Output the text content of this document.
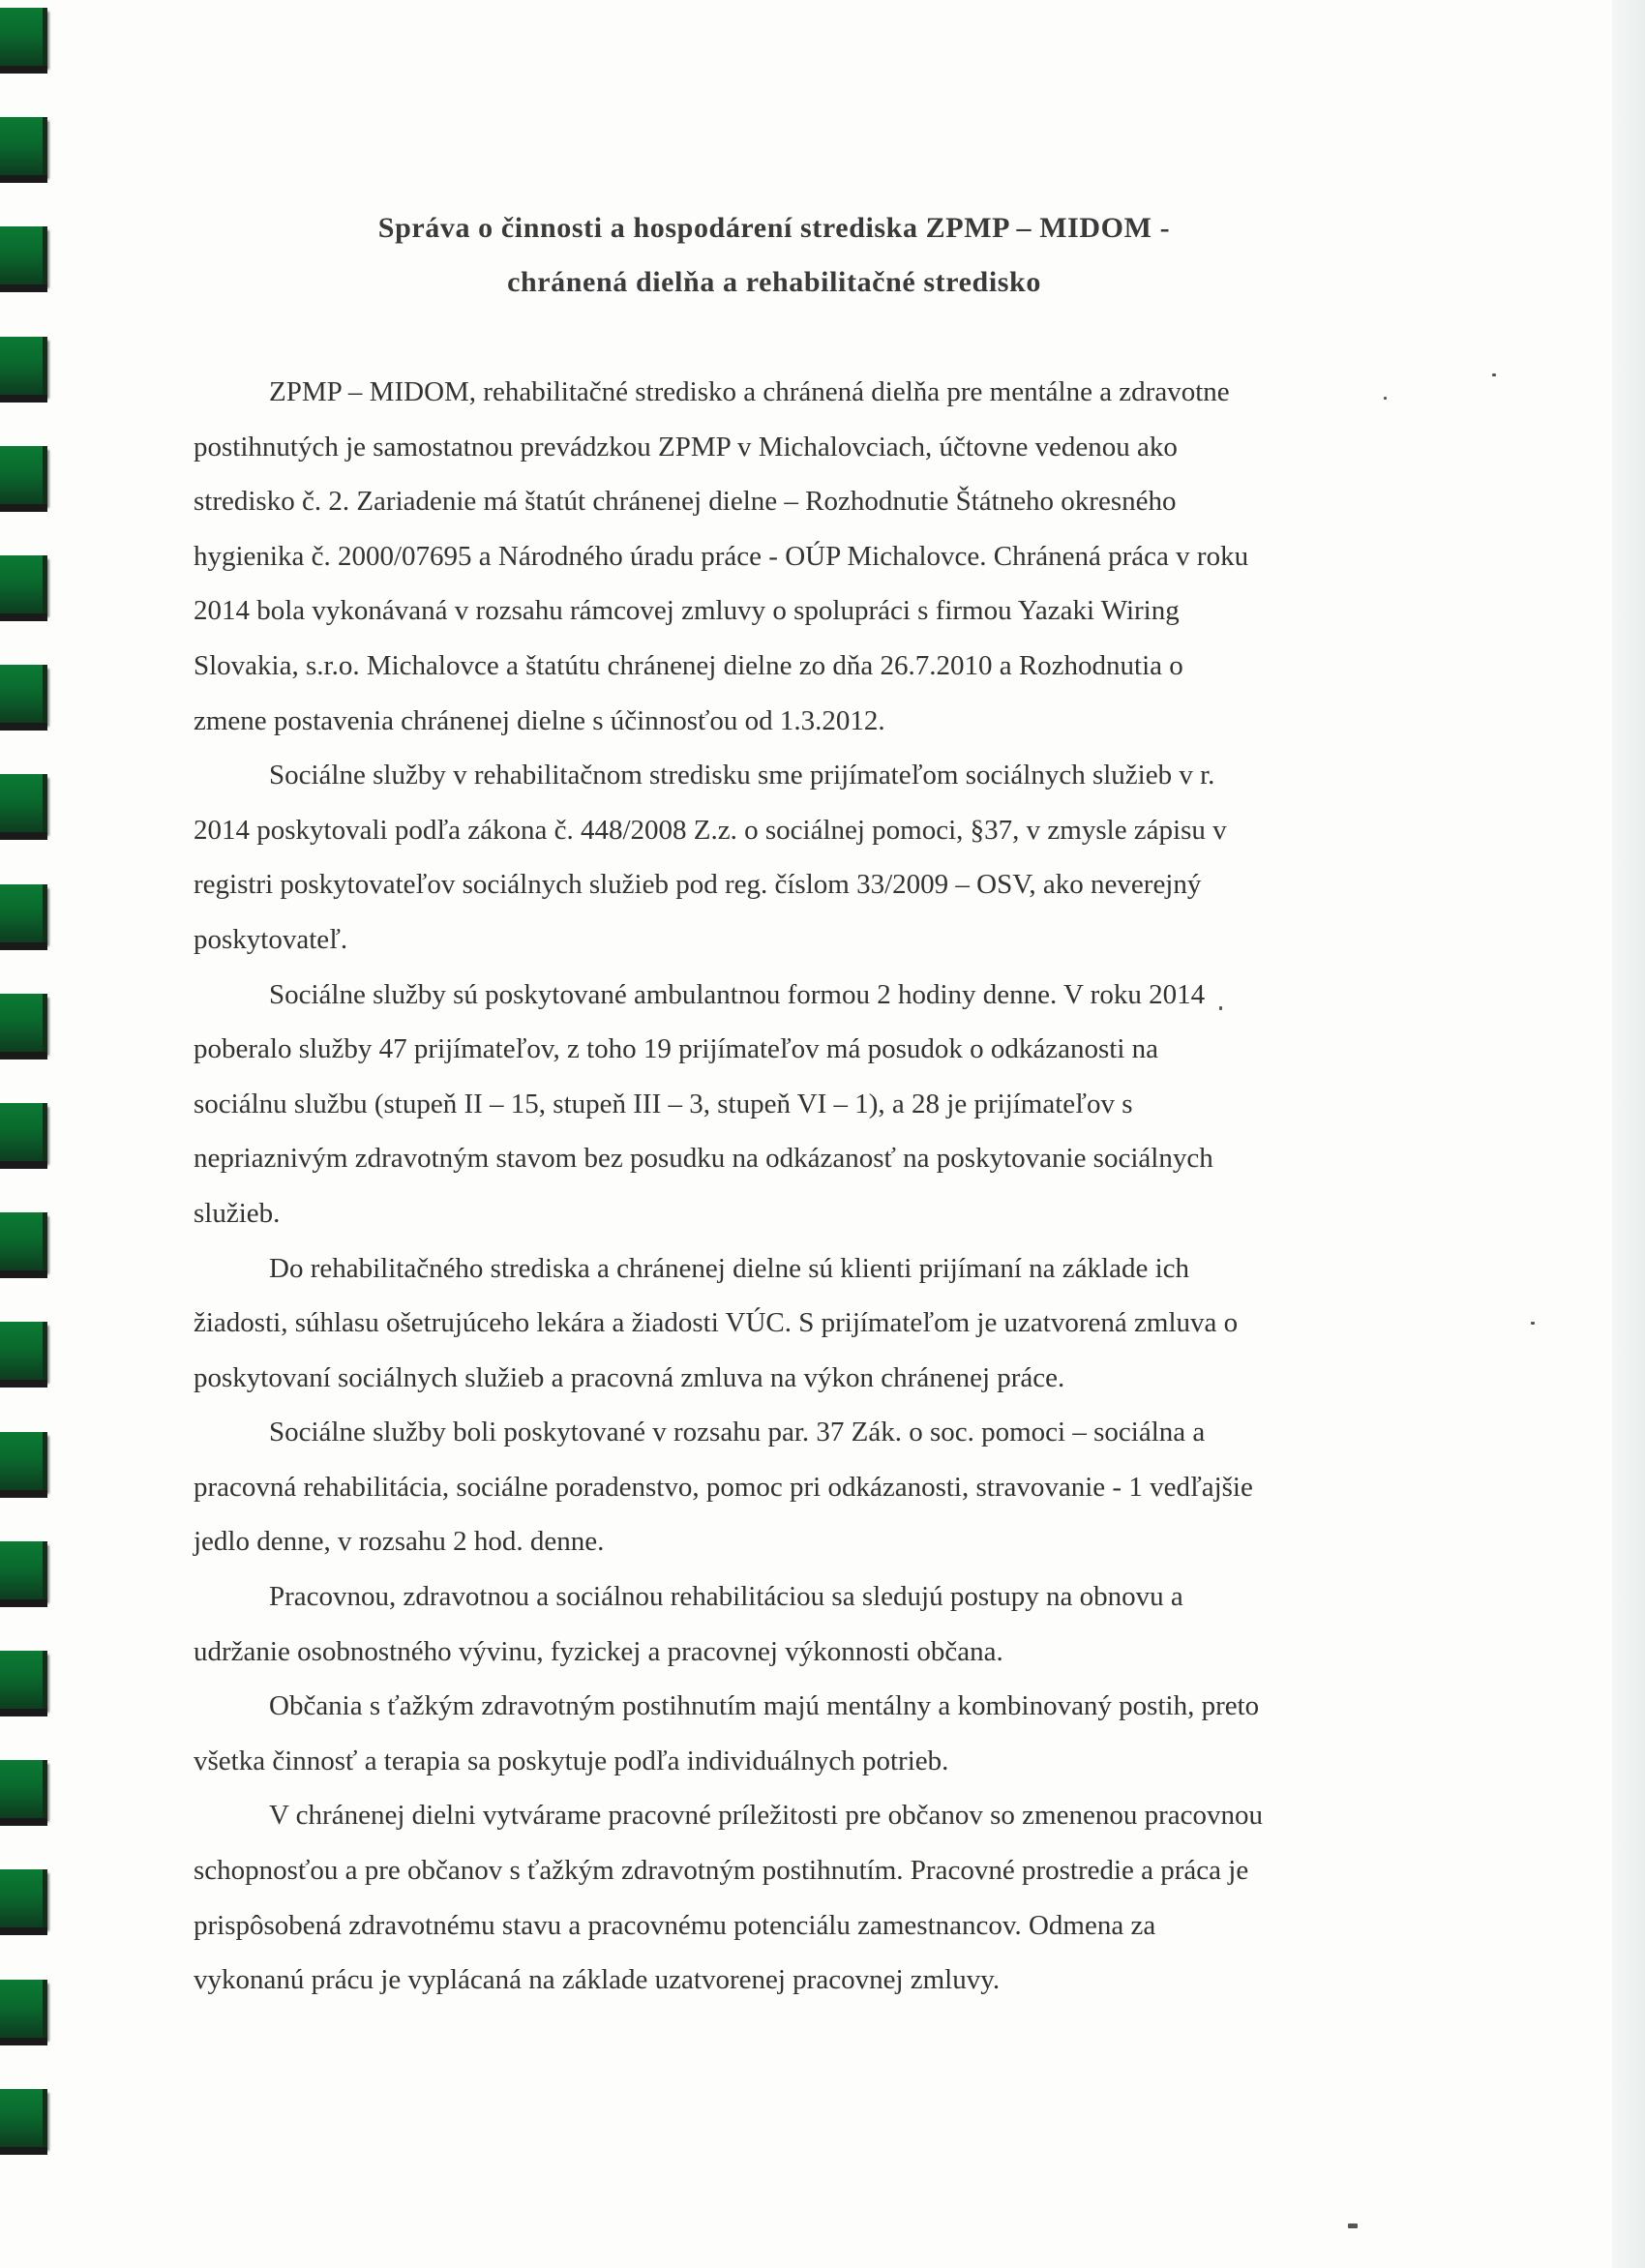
Správa o činnosti a hospodárení strediska ZPMP – MIDOM -
chránená dielňa a rehabilitačné stredisko
ZPMP – MIDOM, rehabilitačné stredisko a chránená dielňa pre mentálne a zdravotne
postihnutých je samostatnou prevádzkou ZPMP v Michalovciach, účtovne vedenou ako
stredisko č. 2. Zariadenie má štatút chránenej dielne – Rozhodnutie Štátneho okresného
hygienika č. 2000/07695 a Národného úradu práce - OÚP Michalovce. Chránená práca v roku
2014 bola vykonávaná v rozsahu rámcovej zmluvy o spolupráci s firmou Yazaki Wiring
Slovakia, s.r.o. Michalovce a štatútu chránenej dielne zo dňa 26.7.2010 a Rozhodnutia o
zmene postavenia chránenej dielne s účinnosťou od 1.3.2012.
Sociálne služby v rehabilitačnom stredisku sme prijímateľom sociálnych služieb v r.
2014 poskytovali podľa zákona č. 448/2008 Z.z. o sociálnej pomoci, §37, v zmysle zápisu v
registri poskytovateľov sociálnych služieb pod reg. číslom 33/2009 – OSV, ako neverejný
poskytovateľ.
Sociálne služby sú poskytované ambulantnou formou 2 hodiny denne. V roku 2014
poberalo služby 47 prijímateľov, z toho 19 prijímateľov má posudok o odkázanosti na
sociálnu službu (stupeň II – 15, stupeň III – 3, stupeň VI – 1), a 28 je prijímateľov s
nepriaznivým zdravotným stavom bez posudku na odkázanosť na poskytovanie sociálnych
služieb.
Do rehabilitačného strediska a chránenej dielne sú klienti prijímaní na základe ich
žiadosti, súhlasu ošetrujúceho lekára a žiadosti VÚC. S prijímateľom je uzatvorená zmluva o
poskytovaní sociálnych služieb a pracovná zmluva na výkon chránenej práce.
Sociálne služby boli poskytované v rozsahu par. 37 Zák. o soc. pomoci – sociálna a
pracovná rehabilitácia, sociálne poradenstvo, pomoc pri odkázanosti, stravovanie - 1 vedľajšie
jedlo denne, v rozsahu 2 hod. denne.
Pracovnou, zdravotnou a sociálnou rehabilitáciou sa sledujú postupy na obnovu a
udržanie osobnostného vývinu, fyzickej a pracovnej výkonnosti občana.
Občania s ťažkým zdravotným postihnutím majú mentálny a kombinovaný postih, preto
všetka činnosť a terapia sa poskytuje podľa individuálnych potrieb.
V chránenej dielni vytvárame pracovné príležitosti pre občanov so zmenenou pracovnou
schopnosťou a pre občanov s ťažkým zdravotným postihnutím. Pracovné prostredie a práca je
prispôsobená zdravotnému stavu a pracovnému potenciálu zamestnancov. Odmena za
vykonanú prácu je vyplácaná na základe uzatvorenej pracovnej zmluvy.
